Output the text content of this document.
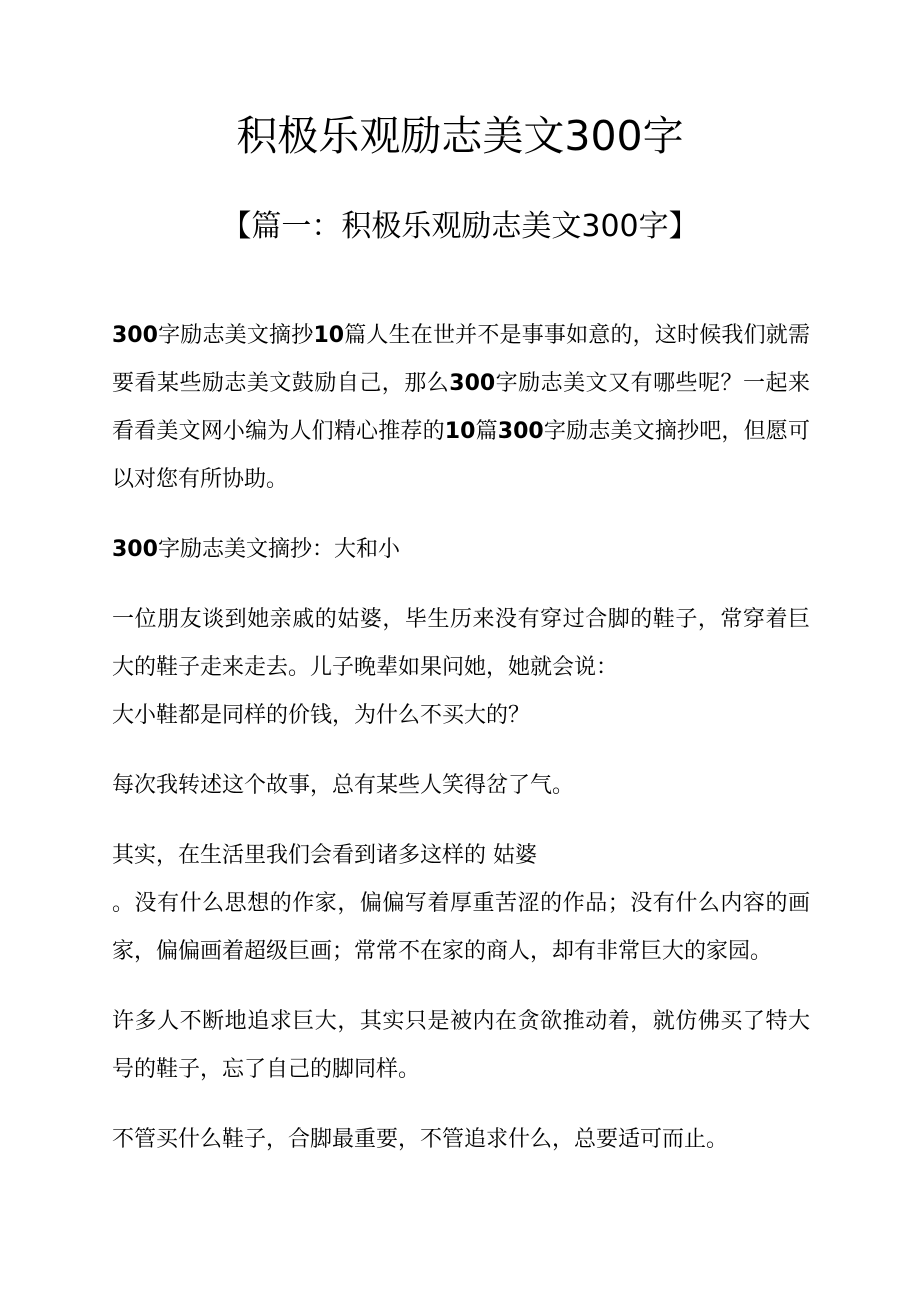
积极乐观励志美文300字
【篇一：积极乐观励志美文300字】

300字励志美文摘抄10篇人生在世并不是事事如意的，这时候我们就需要看某些励志美文鼓励自己，那么300字励志美文又有哪些呢？一起来看看美文网小编为人们精心推荐的10篇300字励志美文摘抄吧，但愿可以对您有所协助。

300字励志美文摘抄：大和小

一位朋友谈到她亲戚的姑婆，毕生历来没有穿过合脚的鞋子，常穿着巨大的鞋子走来走去。儿子晚辈如果问她，她就会说：
大小鞋都是同样的价钱，为什么不买大的？

每次我转述这个故事，总有某些人笑得岔了气。

其实，在生活里我们会看到诸多这样的 姑婆
。没有什么思想的作家，偏偏写着厚重苦涩的作品；没有什么内容的画家，偏偏画着超级巨画；常常不在家的商人，却有非常巨大的家园。

许多人不断地追求巨大，其实只是被内在贪欲推动着，就仿佛买了特大号的鞋子，忘了自己的脚同样。

不管买什么鞋子，合脚最重要，不管追求什么，总要适可而止。
